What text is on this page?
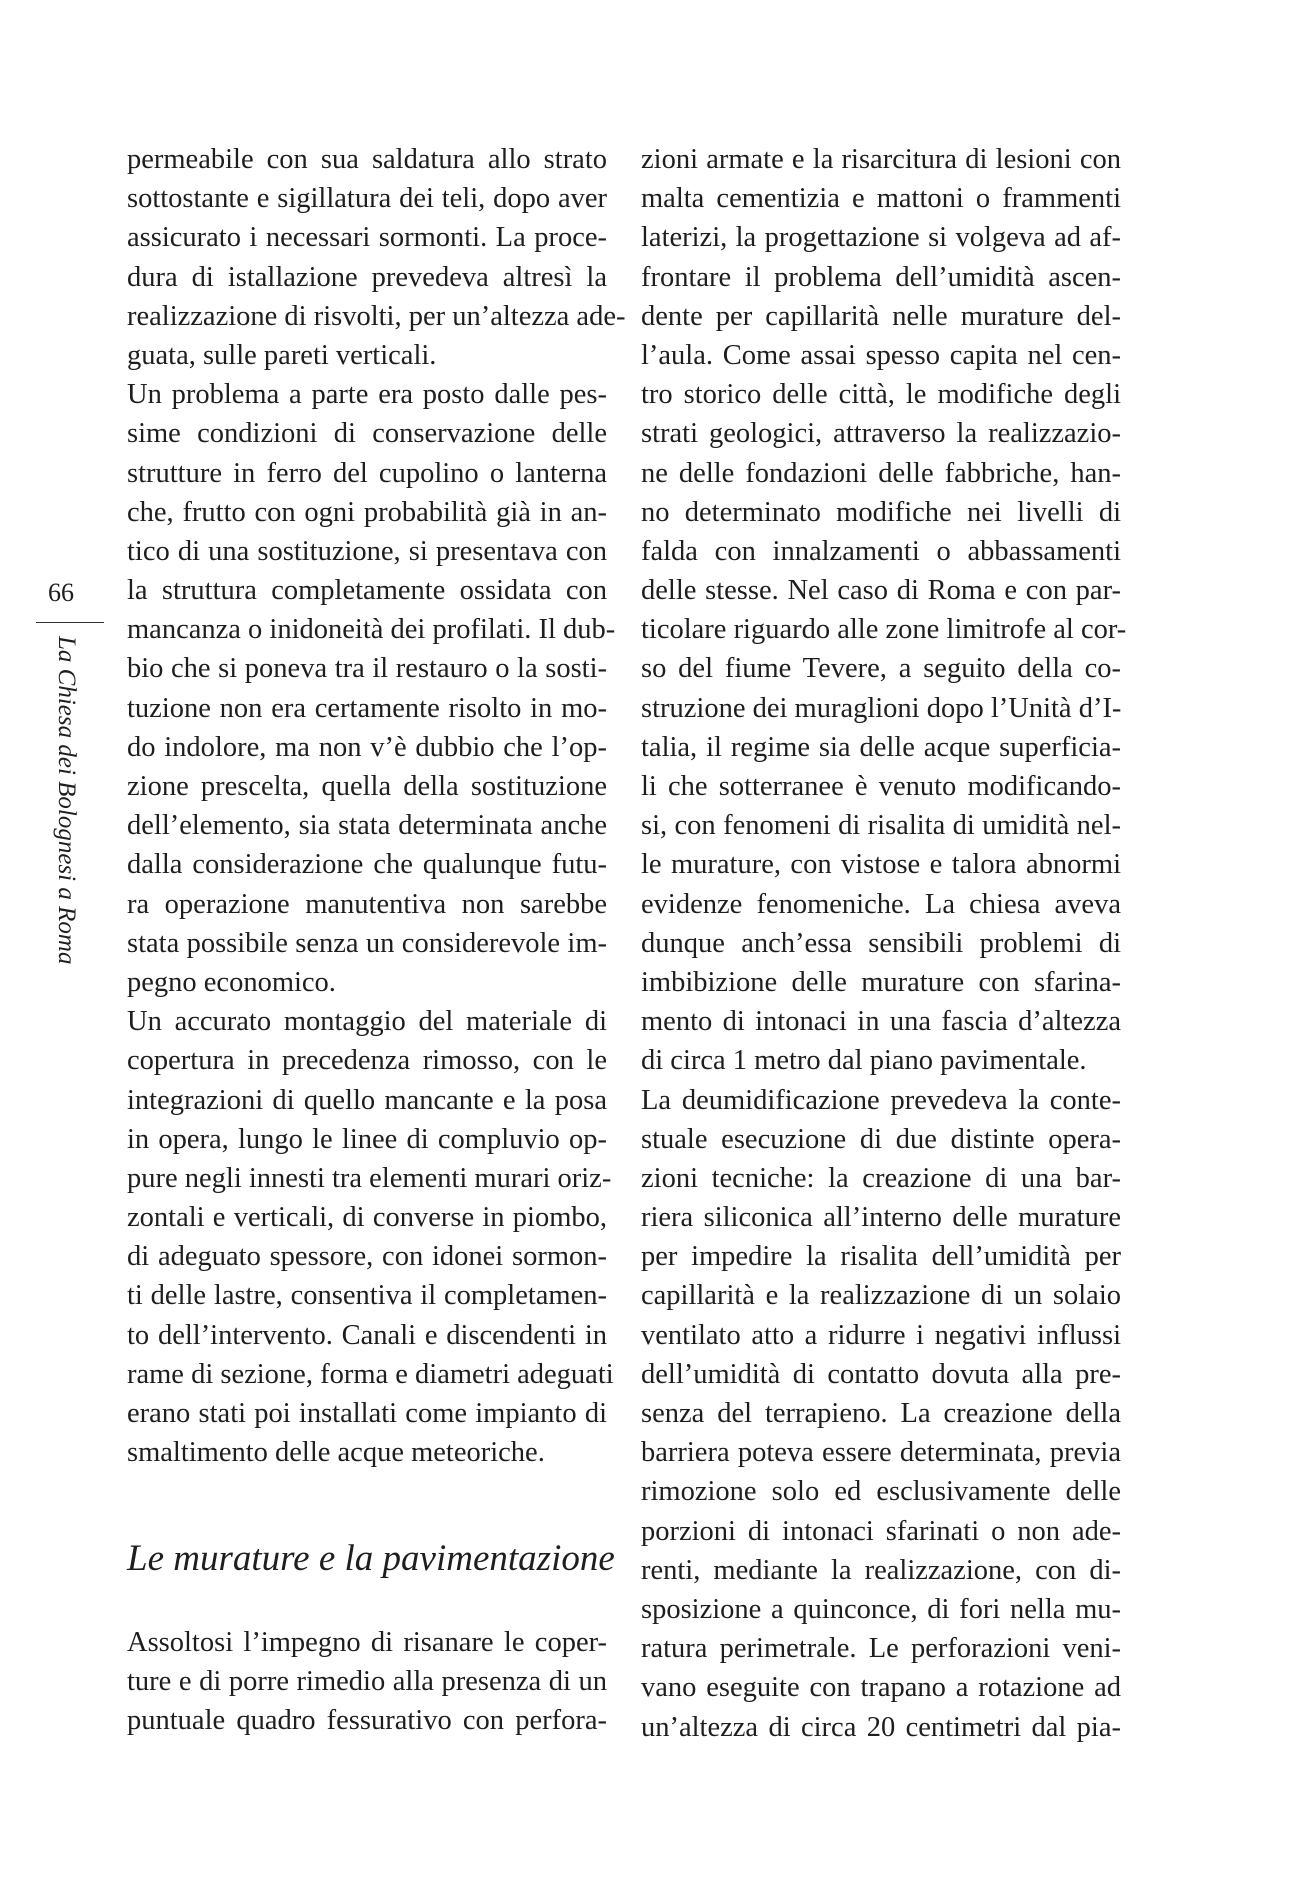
66
La Chiesa dei Bolognesi a Roma
permeabile con sua saldatura allo strato
sottostante e sigillatura dei teli, dopo aver
assicurato i necessari sormonti. La proce-
dura di istallazione prevedeva altresì la
realizzazione di risvolti, per un’altezza ade-
guata, sulle pareti verticali.
Un problema a parte era posto dalle pes-
sime condizioni di conservazione delle
strutture in ferro del cupolino o lanterna
che, frutto con ogni probabilità già in an-
tico di una sostituzione, si presentava con
la struttura completamente ossidata con
mancanza o inidoneità dei profilati. Il dub-
bio che si poneva tra il restauro o la sosti-
tuzione non era certamente risolto in mo-
do indolore, ma non v’è dubbio che l’op-
zione prescelta, quella della sostituzione
dell’elemento, sia stata determinata anche
dalla considerazione che qualunque futu-
ra operazione manutentiva non sarebbe
stata possibile senza un considerevole im-
pegno economico.
Un accurato montaggio del materiale di
copertura in precedenza rimosso, con le
integrazioni di quello mancante e la posa
in opera, lungo le linee di compluvio op-
pure negli innesti tra elementi murari oriz-
zontali e verticali, di converse in piombo,
di adeguato spessore, con idonei sormon-
ti delle lastre, consentiva il completamen-
to dell’intervento. Canali e discendenti in
rame di sezione, forma e diametri adeguati
erano stati poi installati come impianto di
smaltimento delle acque meteoriche.
Le murature e la pavimentazione
Assoltosi l’impegno di risanare le coper-
ture e di porre rimedio alla presenza di un
puntuale quadro fessurativo con perfora-
zioni armate e la risarcitura di lesioni con
malta cementizia e mattoni o frammenti
laterizi, la progettazione si volgeva ad af-
frontare il problema dell’umidità ascen-
dente per capillarità nelle murature del-
l’aula. Come assai spesso capita nel cen-
tro storico delle città, le modifiche degli
strati geologici, attraverso la realizzazio-
ne delle fondazioni delle fabbriche, han-
no determinato modifiche nei livelli di
falda con innalzamenti o abbassamenti
delle stesse. Nel caso di Roma e con par-
ticolare riguardo alle zone limitrofe al cor-
so del fiume Tevere, a seguito della co-
struzione dei muraglioni dopo l’Unità d’I-
talia, il regime sia delle acque superficia-
li che sotterranee è venuto modificando-
si, con fenomeni di risalita di umidità nel-
le murature, con vistose e talora abnormi
evidenze fenomeniche. La chiesa aveva
dunque anch’essa sensibili problemi di
imbibizione delle murature con sfarina-
mento di intonaci in una fascia d’altezza
di circa 1 metro dal piano pavimentale.
La deumidificazione prevedeva la conte-
stuale esecuzione di due distinte opera-
zioni tecniche: la creazione di una bar-
riera siliconica all’interno delle murature
per impedire la risalita dell’umidità per
capillarità e la realizzazione di un solaio
ventilato atto a ridurre i negativi influssi
dell’umidità di contatto dovuta alla pre-
senza del terrapieno. La creazione della
barriera poteva essere determinata, previa
rimozione solo ed esclusivamente delle
porzioni di intonaci sfarinati o non ade-
renti, mediante la realizzazione, con di-
sposizione a quinconce, di fori nella mu-
ratura perimetrale. Le perforazioni veni-
vano eseguite con trapano a rotazione ad
un’altezza di circa 20 centimetri dal pia-
